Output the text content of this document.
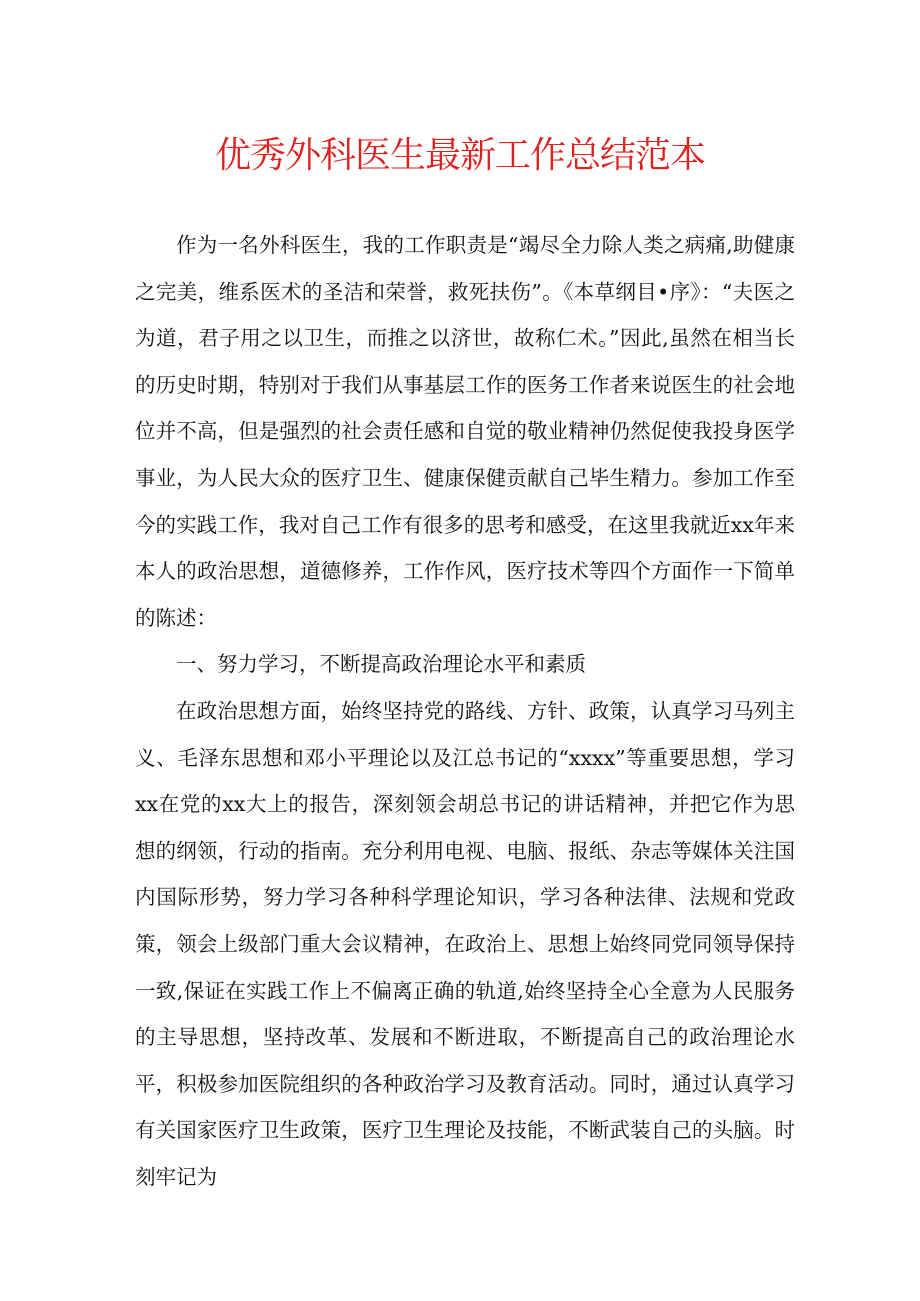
优秀外科医生最新工作总结范本

作为一名外科医生，我的工作职责是“竭尽全力除人类之病痛,助健康之完美，维系医术的圣洁和荣誉，救死扶伤”。《本草纲目•序》：“夫医之为道，君子用之以卫生，而推之以济世，故称仁术。”因此,虽然在相当长的历史时期，特别对于我们从事基层工作的医务工作者来说医生的社会地位并不高，但是强烈的社会责任感和自觉的敬业精神仍然促使我投身医学事业，为人民大众的医疗卫生、健康保健贡献自己毕生精力。参加工作至今的实践工作，我对自己工作有很多的思考和感受，在这里我就近xx年来本人的政治思想，道德修养，工作作风，医疗技术等四个方面作一下简单的陈述：

一、努力学习，不断提高政治理论水平和素质

在政治思想方面，始终坚持党的路线、方针、政策，认真学习马列主义、毛泽东思想和邓小平理论以及江总书记的“xxxx”等重要思想，学习xx在党的xx大上的报告，深刻领会胡总书记的讲话精神，并把它作为思想的纲领，行动的指南。充分利用电视、电脑、报纸、杂志等媒体关注国内国际形势，努力学习各种科学理论知识，学习各种法律、法规和党政策，领会上级部门重大会议精神，在政治上、思想上始终同党同领导保持一致,保证在实践工作上不偏离正确的轨道,始终坚持全心全意为人民服务的主导思想，坚持改革、发展和不断进取，不断提高自己的政治理论水平，积极参加医院组织的各种政治学习及教育活动。同时，通过认真学习有关国家医疗卫生政策，医疗卫生理论及技能，不断武装自己的头脑。时刻牢记为
